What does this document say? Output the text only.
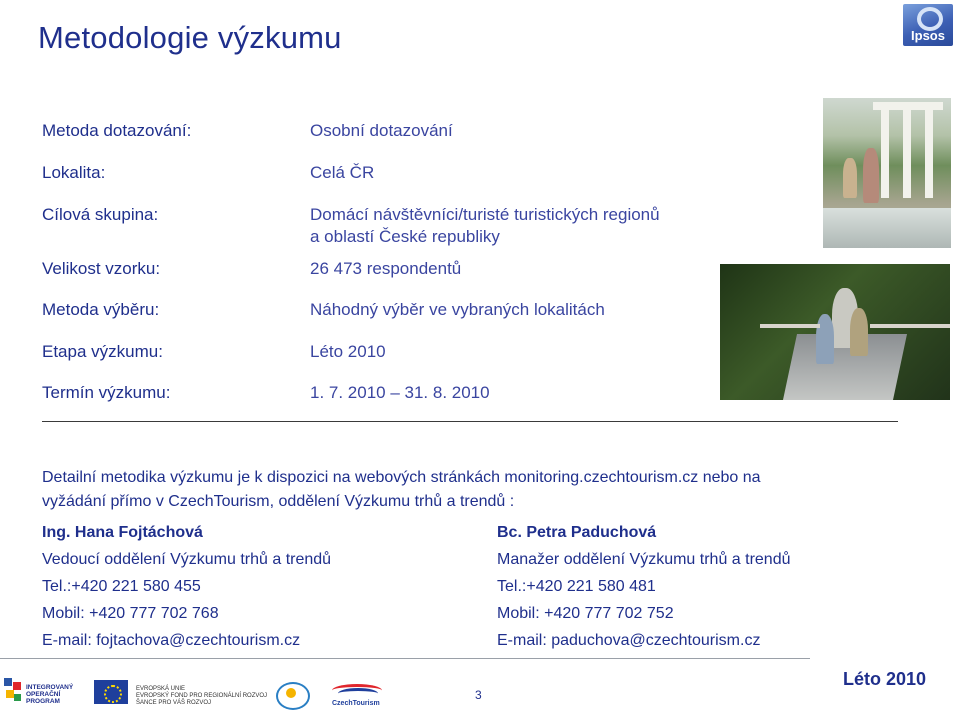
Metodologie výzkumu	Ipsos
Metoda dotazování:	Osobní dotazování
Lokalita:	Celá ČR
Cílová skupina:	Domácí návštěvníci/turisté turistických regionů
a oblastí České republiky
Velikost vzorku:	26 473 respondentů
Metoda výběru:	Náhodný výběr ve vybraných lokalitách
Etapa výzkumu:	Léto 2010
Termín výzkumu:	1. 7. 2010 – 31. 8. 2010
Detailní metodika výzkumu je k dispozici na webových stránkách monitoring.czechtourism.cz nebo na
vyžádání přímo v CzechTourism, oddělení Výzkumu trhů a trendů :
Ing. Hana Fojtáchová
Vedoucí oddělení Výzkumu trhů a trendů
Tel.:+420 221 580 455
Mobil: +420 777 702 768
E-mail: fojtachova@czechtourism.cz
Bc. Petra Paduchová
Manažer oddělení Výzkumu trhů a trendů
Tel.:+420 221 580 481
Mobil: +420 777 702 752
E-mail: paduchova@czechtourism.cz
INTEGROVANÝ
OPERAČNÍ
PROGRAM
EVROPSKÁ UNIE
EVROPSKÝ FOND PRO REGIONÁLNÍ ROZVOJ
ŠANCE PRO VÁŠ ROZVOJ	CzechTourism
3
Léto 2010
